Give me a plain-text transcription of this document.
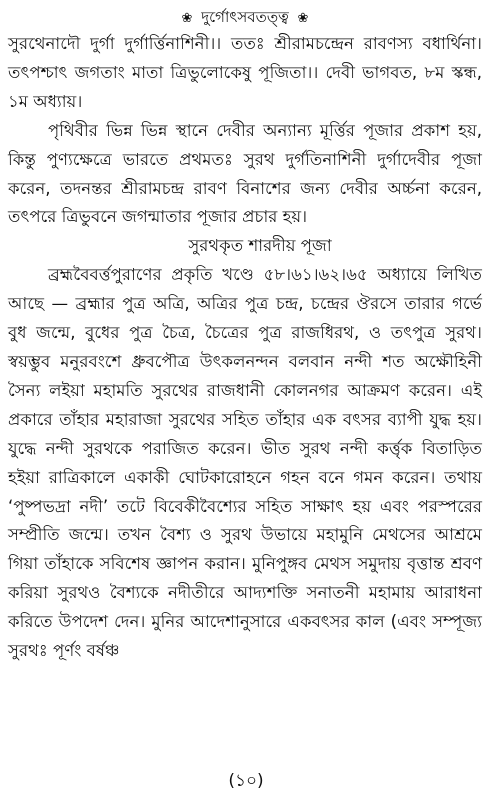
❀ দুর্গোৎসবতত্ত্ব ❀

সুরথেনাদৌ দুর্গা দুর্গার্ত্তিনাশিনী।। ততঃ শ্রীরামচন্দ্রেন রাবণস্য বধার্থিনা। তৎপশ্চাৎ জগতাং মাতা ত্রিভুলোকেষু পূজিতা।। দেবী ভাগবত, ৮ম স্কন্ধ, ১ম অধ্যায়।

পৃথিবীর ভিন্ন ভিন্ন স্থানে দেবীর অন্যান্য মূর্ত্তির পূজার প্রকাশ হয়, কিন্তু পুণ্যক্ষেত্রে ভারতে প্রথমতঃ সুরথ দুর্গতিনাশিনী দুর্গাদেবীর পূজা করেন, তদনন্তর শ্রীরামচন্দ্র রাবণ বিনাশের জন্য দেবীর অর্চ্চনা করেন, তৎপরে ত্রিভুবনে জগন্মাতার পূজার প্রচার হয়।

সুরথকৃত শারদীয় পূজা

ব্রহ্মবৈবর্ত্তপুরাণের প্রকৃতি খণ্ডে ৫৮।৬১।৬২।৬৫ অধ্যায়ে লিখিত আছে — ব্রহ্মার পুত্র অত্রি, অত্রির পুত্র চন্দ্র, চন্দ্রের ঔরসে তারার গর্ভে বুধ জন্মে, বুধের পুত্র চৈত্র, চৈত্রের পুত্র রাজধিরথ, ও তৎপুত্র সুরথ। স্বয়ম্ভুব মনুরবংশে ধ্রুবপৌত্র উৎকলনন্দন বলবান নন্দী শত অক্ষৌহিনী সৈন্য লইয়া মহামতি সুরথের রাজধানী কোলনগর আক্রমণ করেন। এই প্রকারে তাঁহার মহারাজা সুরথের সহিত তাঁহার এক বৎসর ব্যাপী যুদ্ধ হয়। যুদ্ধে নন্দী সুরথকে পরাজিত করেন। ভীত সুরথ নন্দী কর্ত্তৃক বিতাড়িত হইয়া রাত্রিকালে একাকী ঘোটকারোহনে গহন বনে গমন করেন। তথায় ‘পুষ্পভদ্রা নদী’ তটে বিবেকীবৈশ্যের সহিত সাক্ষাৎ হয় এবং পরস্পরের সম্প্রীতি জন্মে। তখন বৈশ্য ও সুরথ উভায়ে মহামুনি মেথসের আশ্রমে গিয়া তাঁহাকে সবিশেষ জ্ঞাপন করান। মুনিপুঙ্গব মেথস সমুদায় বৃত্তান্ত শ্রবণ করিয়া সুরথও বৈশ্যকে নদীতীরে আদ্যশক্তি সনাতনী মহামায় আরাধনা করিতে উপদেশ দেন। মুনির আদেশানুসারে একবৎসর কাল (এবং সম্পূজ্য সুরথঃ পূর্ণং বর্ষঞ্চ

(১০)
